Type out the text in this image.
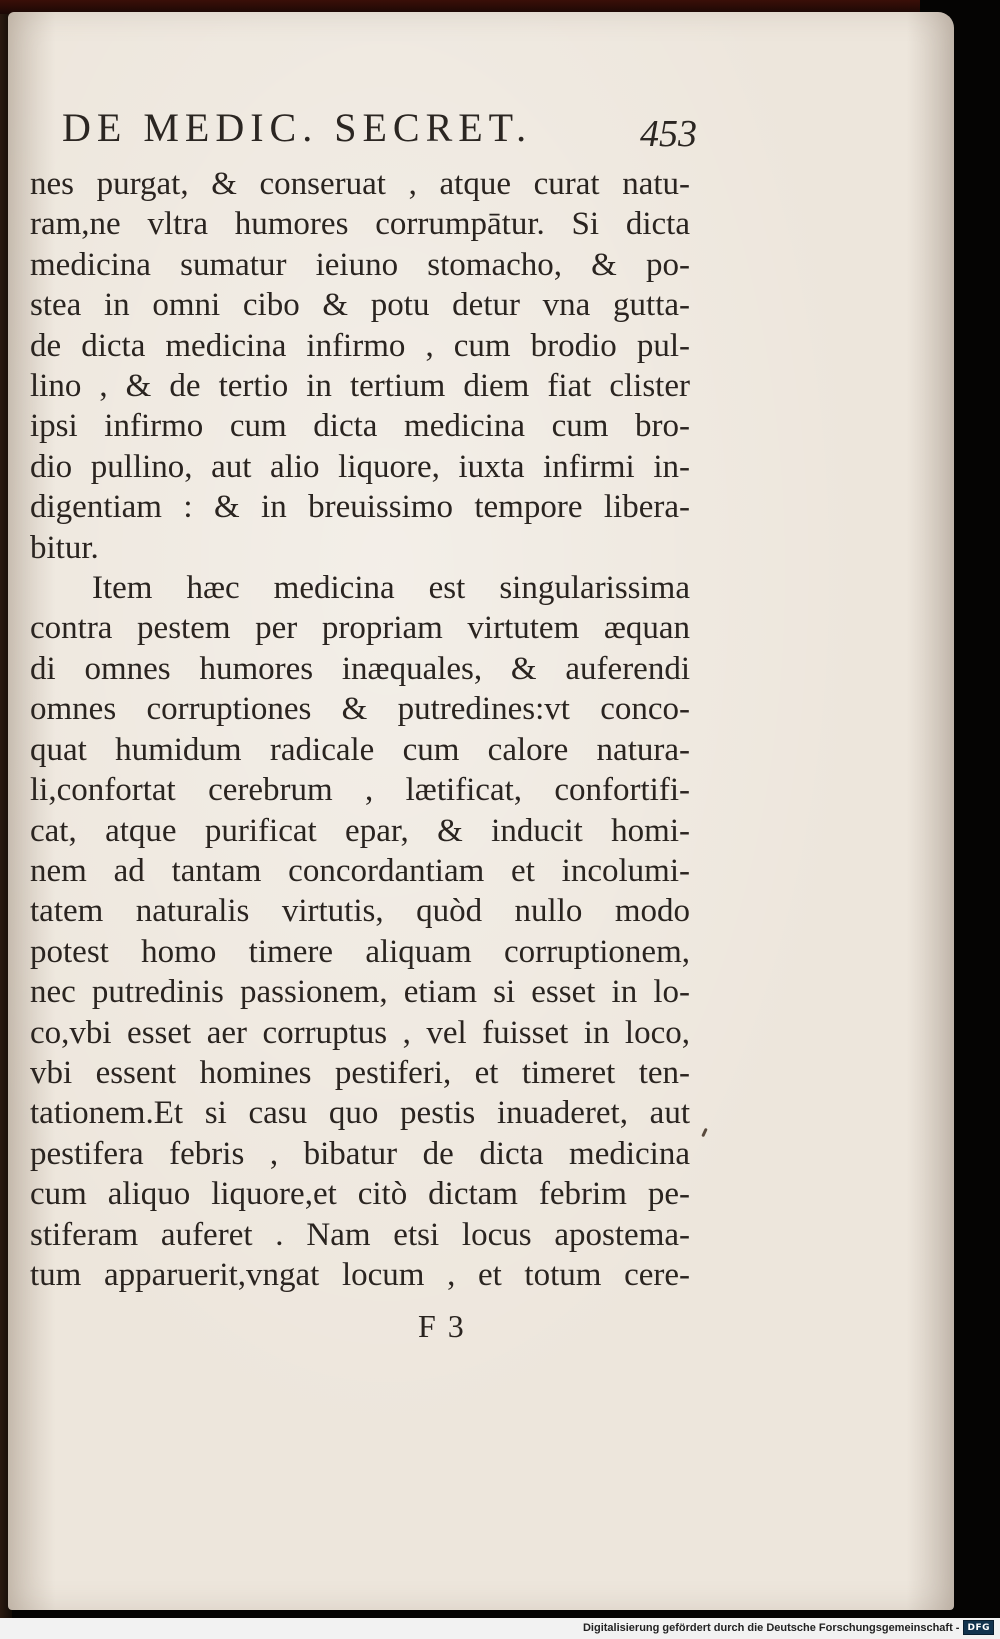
DE MEDIC. SECRET.	453
nes purgat, & conseruat , atque curat natu-
ram,ne vltra humores corrumpātur. Si dicta
medicina sumatur ieiuno stomacho, & po-
stea in omni cibo & potu detur vna gutta-
de dicta medicina infirmo , cum brodio pul-
lino , & de tertio in tertium diem fiat clister
ipsi infirmo cum dicta medicina cum bro-
dio pullino, aut alio liquore, iuxta infirmi in-
digentiam : & in breuissimo tempore libera-
bitur.
Item hæc medicina est singularissima
contra pestem per propriam virtutem æquan
di omnes humores inæquales, & auferendi
omnes corruptiones & putredines:vt conco-
quat humidum radicale cum calore natura-
li,confortat cerebrum , lætificat, confortifi-
cat, atque purificat epar, & inducit homi-
nem ad tantam concordantiam et incolumi-
tatem naturalis virtutis, quòd nullo modo
potest homo timere aliquam corruptionem,
nec putredinis passionem, etiam si esset in lo-
co,vbi esset aer corruptus , vel fuisset in loco,
vbi essent homines pestiferi, et timeret ten-
tationem.Et si casu quo pestis inuaderet, aut
pestifera febris , bibatur de dicta medicina
cum aliquo liquore,et citò dictam febrim pe-
stiferam auferet . Nam etsi locus apostema-
tum apparuerit,vngat locum , et totum cere-
F 3
Digitalisierung gefördert durch die Deutsche Forschungsgemeinschaft - DFG
